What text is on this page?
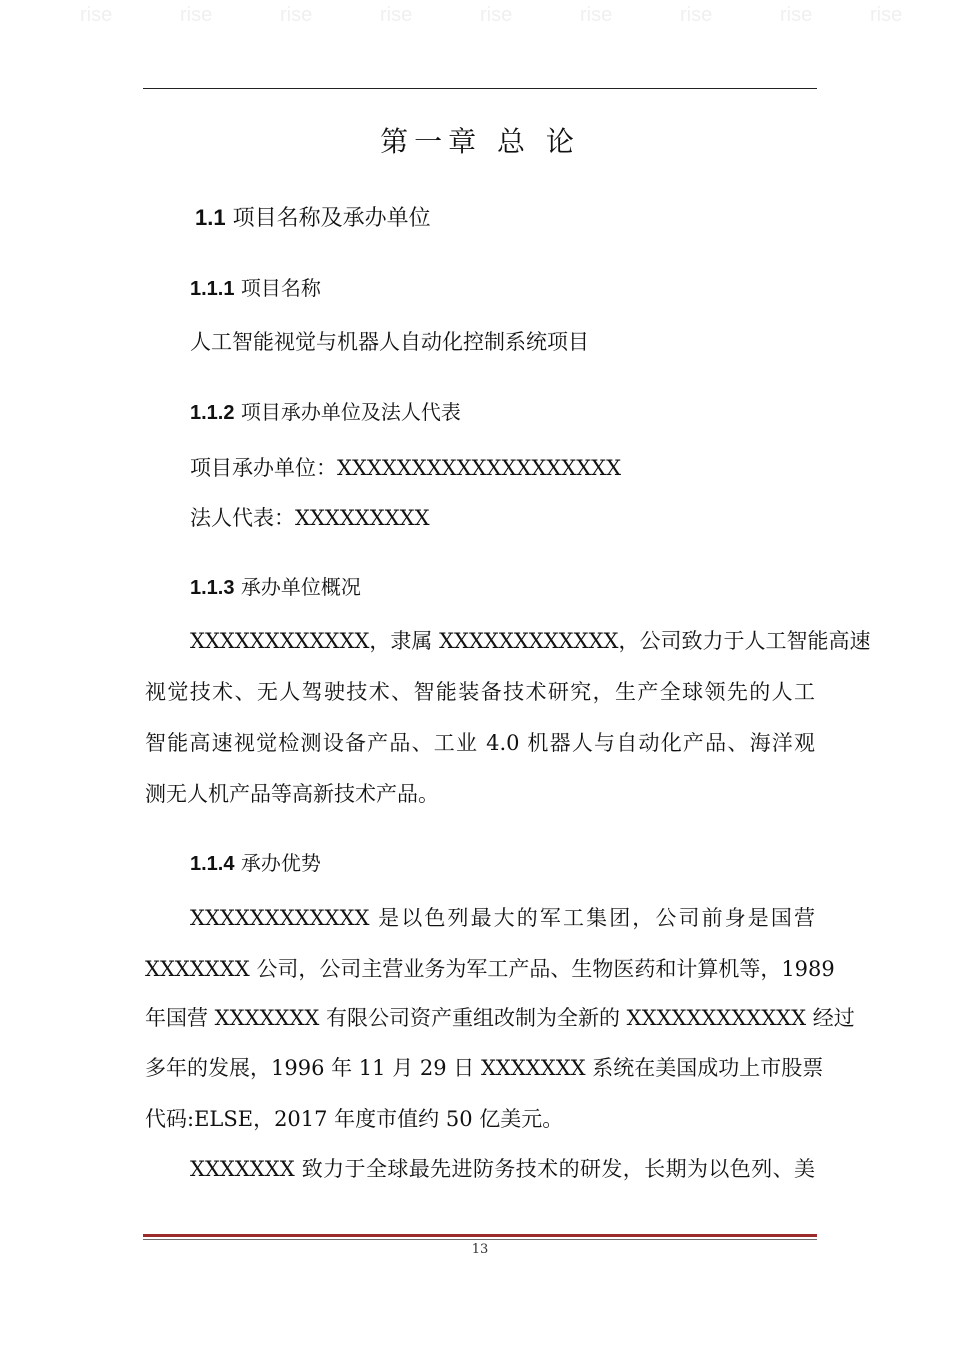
rise	rise	rise	rise	rise	rise	rise	rise	rise
第一章 总 论
1.1 项目名称及承办单位
1.1.1 项目名称
人工智能视觉与机器人自动化控制系统项目
1.1.2 项目承办单位及法人代表
项目承办单位：XXXXXXXXXXXXXXXXXXX
法人代表：XXXXXXXXX
1.1.3 承办单位概况
XXXXXXXXXXXX，隶属 XXXXXXXXXXXX，公司致力于人工智能高速
视觉技术、无人驾驶技术、智能装备技术研究，生产全球领先的人工
智能高速视觉检测设备产品、工业 4.0 机器人与自动化产品、海洋观
测无人机产品等高新技术产品。
1.1.4 承办优势
XXXXXXXXXXXX 是以色列最大的军工集团，公司前身是国营
XXXXXXX 公司，公司主营业务为军工产品、生物医药和计算机等，1989
年国营 XXXXXXX 有限公司资产重组改制为全新的 XXXXXXXXXXXX 经过
多年的发展，1996 年 11 月 29 日 XXXXXXX 系统在美国成功上市股票
代码:ELSE，2017 年度市值约 50 亿美元。
XXXXXXX 致力于全球最先进防务技术的研发，长期为以色列、美
13
